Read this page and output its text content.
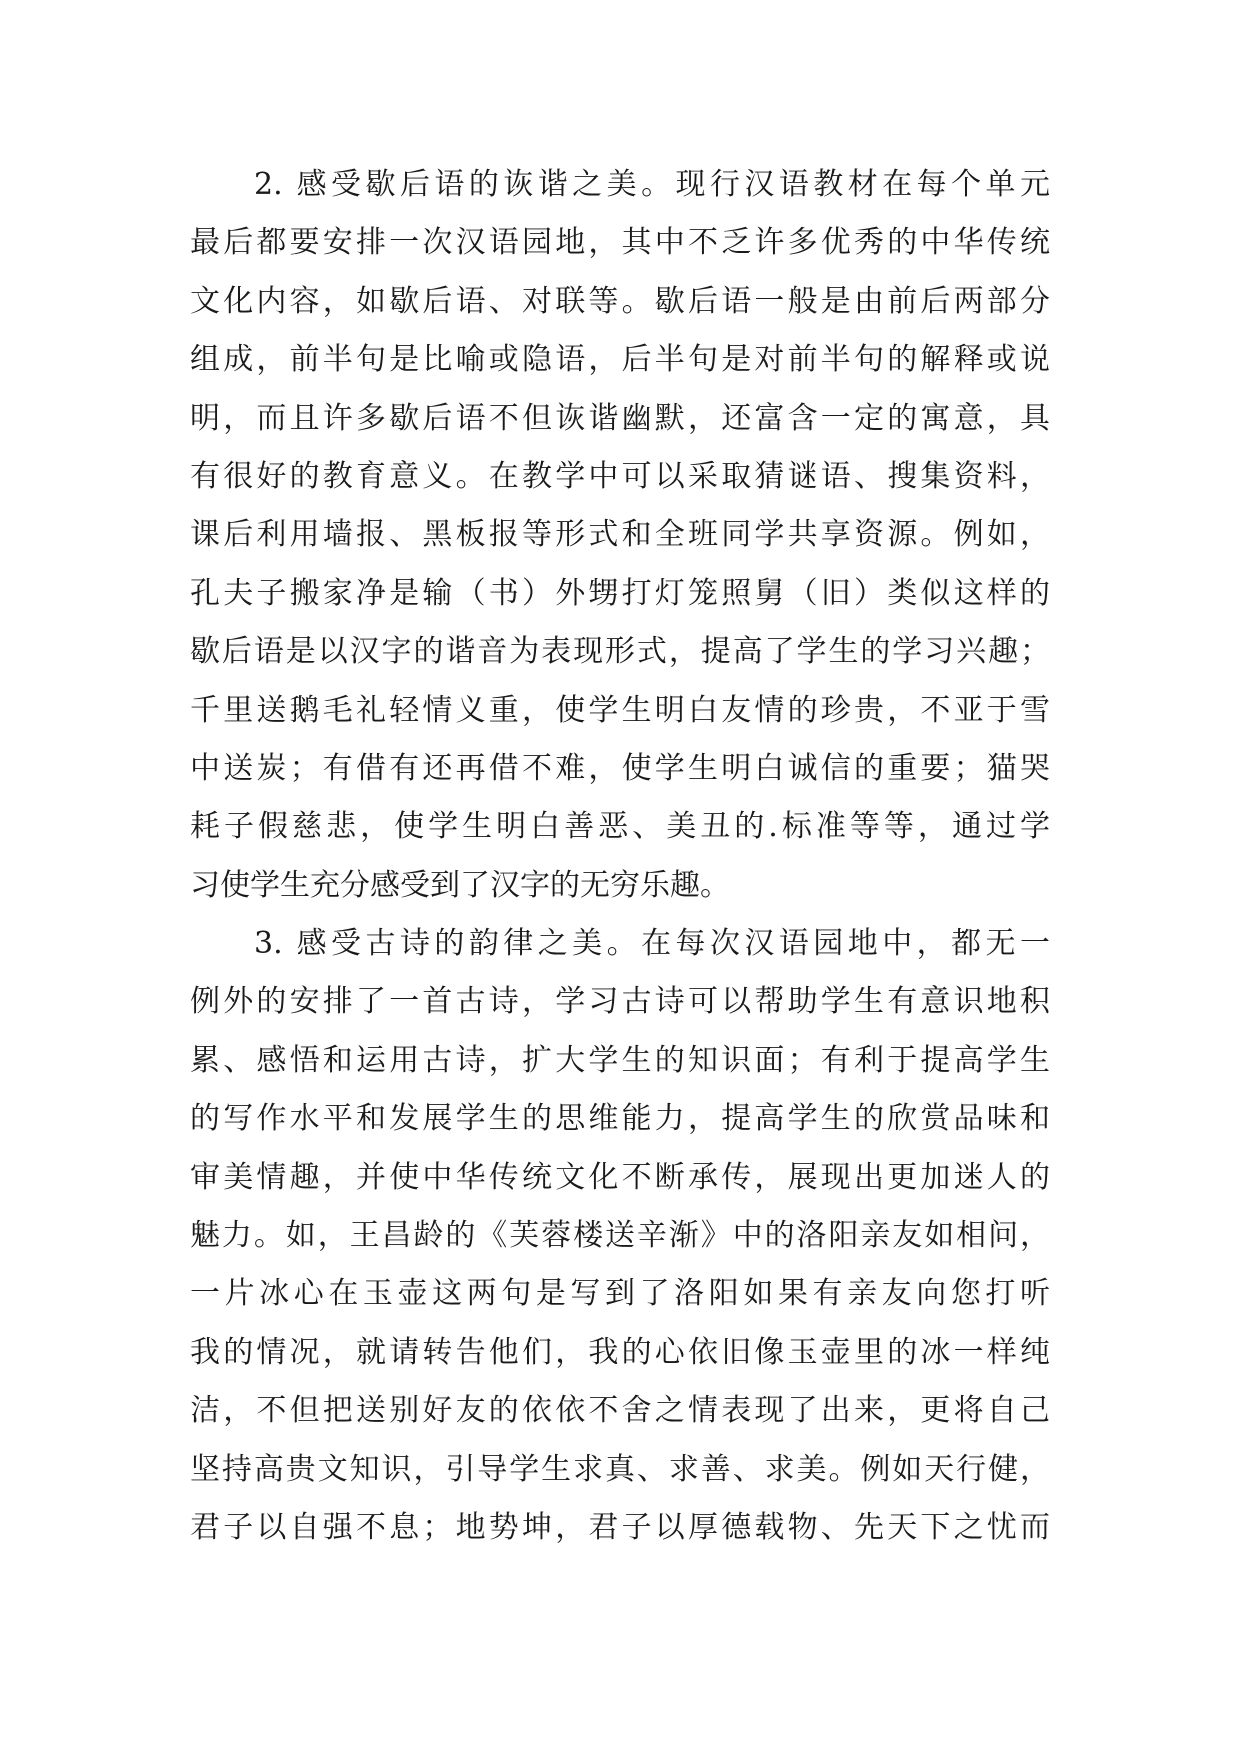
2. 感受歇后语的诙谐之美。现行汉语教材在每个单元
最后都要安排一次汉语园地，其中不乏许多优秀的中华传统
文化内容，如歇后语、对联等。歇后语一般是由前后两部分
组成，前半句是比喻或隐语，后半句是对前半句的解释或说
明，而且许多歇后语不但诙谐幽默，还富含一定的寓意，具
有很好的教育意义。在教学中可以采取猜谜语、搜集资料，
课后利用墙报、黑板报等形式和全班同学共享资源。例如，
孔夫子搬家净是输（书）外甥打灯笼照舅（旧）类似这样的
歇后语是以汉字的谐音为表现形式，提高了学生的学习兴趣；
千里送鹅毛礼轻情义重，使学生明白友情的珍贵，不亚于雪
中送炭；有借有还再借不难，使学生明白诚信的重要；猫哭
耗子假慈悲，使学生明白善恶、美丑的.标准等等，通过学
习使学生充分感受到了汉字的无穷乐趣。
3. 感受古诗的韵律之美。在每次汉语园地中，都无一
例外的安排了一首古诗，学习古诗可以帮助学生有意识地积
累、感悟和运用古诗，扩大学生的知识面；有利于提高学生
的写作水平和发展学生的思维能力，提高学生的欣赏品味和
审美情趣，并使中华传统文化不断承传，展现出更加迷人的
魅力。如，王昌龄的《芙蓉楼送辛渐》中的洛阳亲友如相问，
一片冰心在玉壶这两句是写到了洛阳如果有亲友向您打听
我的情况，就请转告他们，我的心依旧像玉壶里的冰一样纯
洁，不但把送别好友的依依不舍之情表现了出来，更将自己
坚持高贵文知识，引导学生求真、求善、求美。例如天行健，
君子以自强不息；地势坤，君子以厚德载物、先天下之忧而
